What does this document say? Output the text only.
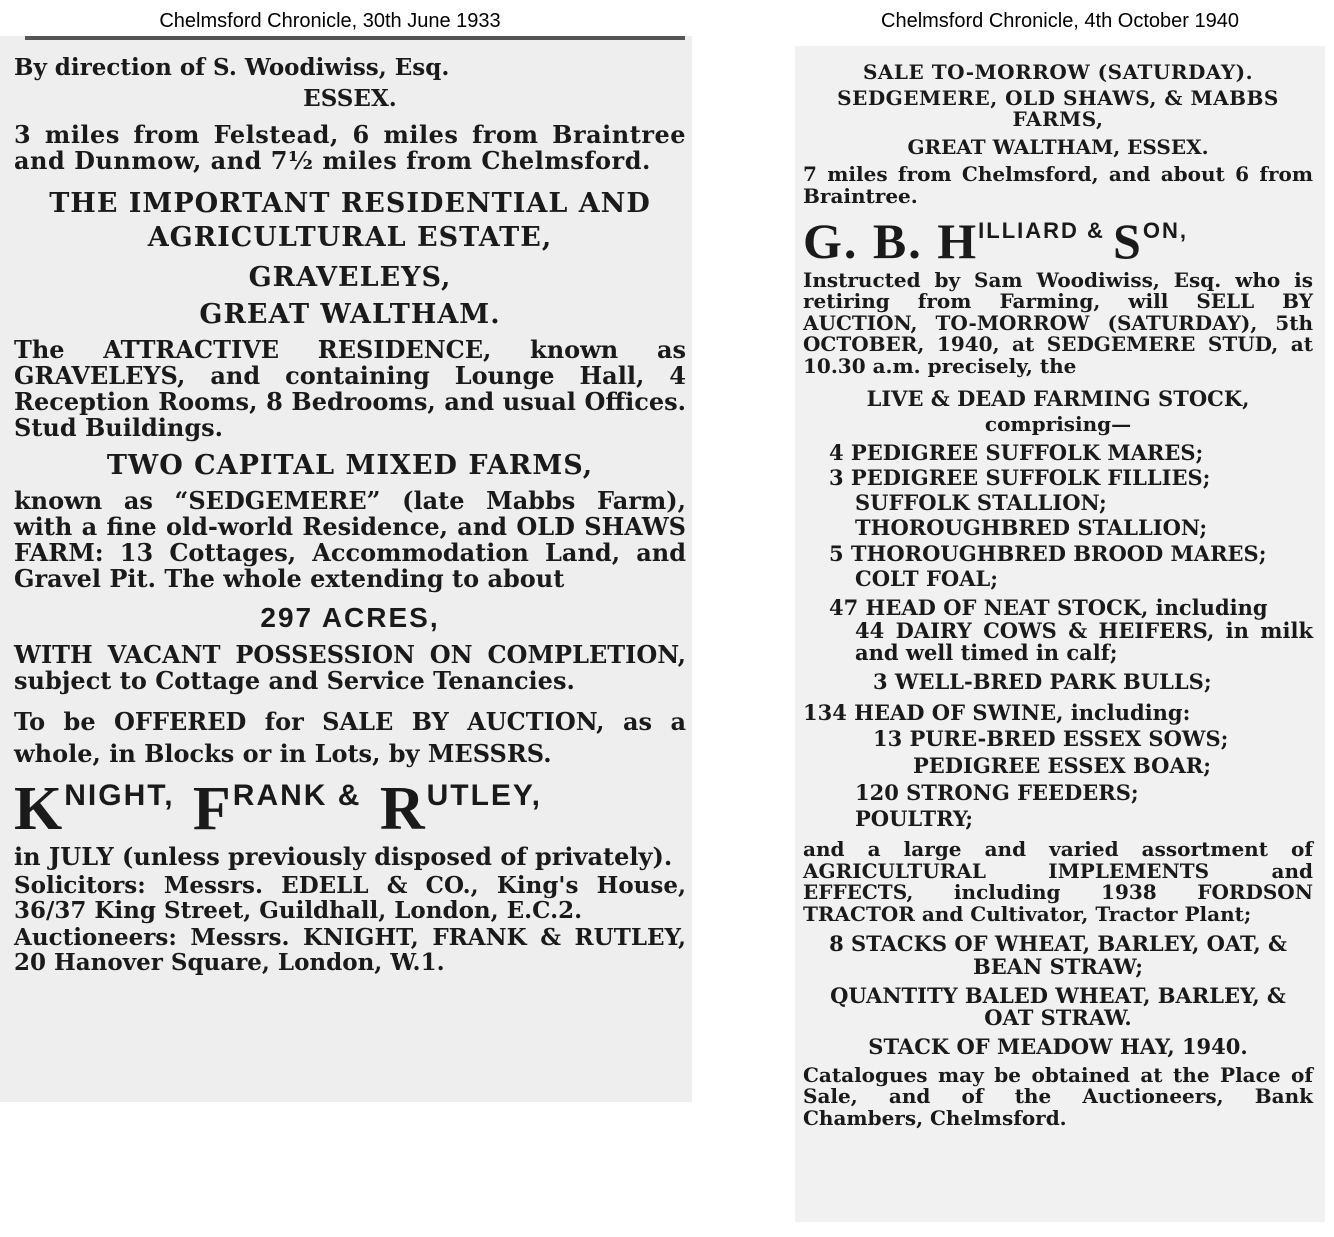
Chelmsford Chronicle, 30th June 1933	Chelmsford Chronicle, 4th October 1940

By direction of S. Woodiwiss, Esq.

ESSEX.

3 miles from Felstead, 6 miles from Braintree and Dunmow, and 7½ miles from Chelmsford.

THE IMPORTANT RESIDENTIAL AND AGRICULTURAL ESTATE,

GRAVELEYS,

GREAT WALTHAM.

The ATTRACTIVE RESIDENCE, known as GRAVELEYS, and containing Lounge Hall, 4 Reception Rooms, 8 Bedrooms, and usual Offices. Stud Buildings.

TWO CAPITAL MIXED FARMS,

known as “SEDGEMERE” (late Mabbs Farm), with a fine old-world Residence, and OLD SHAWS FARM: 13 Cottages, Accommodation Land, and Gravel Pit. The whole extending to about

297 ACRES,

WITH VACANT POSSESSION ON COMPLETION, subject to Cottage and Service Tenancies.

To be OFFERED for SALE BY AUCTION, as a whole, in Blocks or in Lots, by MESSRS.

KNIGHT, FRANK & RUTLEY,

in JULY (unless previously disposed of privately).

Solicitors: Messrs. EDELL & CO., King's House, 36/37 King Street, Guildhall, London, E.C.2.

Auctioneers: Messrs. KNIGHT, FRANK & RUTLEY, 20 Hanover Square, London, W.1.

SALE TO-MORROW (SATURDAY).

SEDGEMERE, OLD SHAWS, & MABBS FARMS,

GREAT WALTHAM, ESSEX.

7 miles from Chelmsford, and about 6 from Braintree.

G. B. HILLIARD & SON,

Instructed by Sam Woodiwiss, Esq. who is retiring from Farming, will SELL BY AUCTION, TO-MORROW (SATURDAY), 5th OCTOBER, 1940, at SEDGEMERE STUD, at 10.30 a.m. precisely, the

LIVE & DEAD FARMING STOCK,

comprising—

4 PEDIGREE SUFFOLK MARES;
3 PEDIGREE SUFFOLK FILLIES;
SUFFOLK STALLION;
THOROUGHBRED STALLION;
5 THOROUGHBRED BROOD MARES;
COLT FOAL;

47 HEAD OF NEAT STOCK, including

44 DAIRY COWS & HEIFERS, in milk and well timed in calf;

3 WELL-BRED PARK BULLS;

134 HEAD OF SWINE, including:

13 PURE-BRED ESSEX SOWS;

PEDIGREE ESSEX BOAR;

120 STRONG FEEDERS;

POULTRY;

and a large and varied assortment of AGRICULTURAL IMPLEMENTS and EFFECTS, including 1938 FORDSON TRACTOR and Cultivator, Tractor Plant;

8 STACKS OF WHEAT, BARLEY, OAT, & BEAN STRAW;

QUANTITY BALED WHEAT, BARLEY, & OAT STRAW.

STACK OF MEADOW HAY, 1940.

Catalogues may be obtained at the Place of Sale, and of the Auctioneers, Bank Chambers, Chelmsford.
